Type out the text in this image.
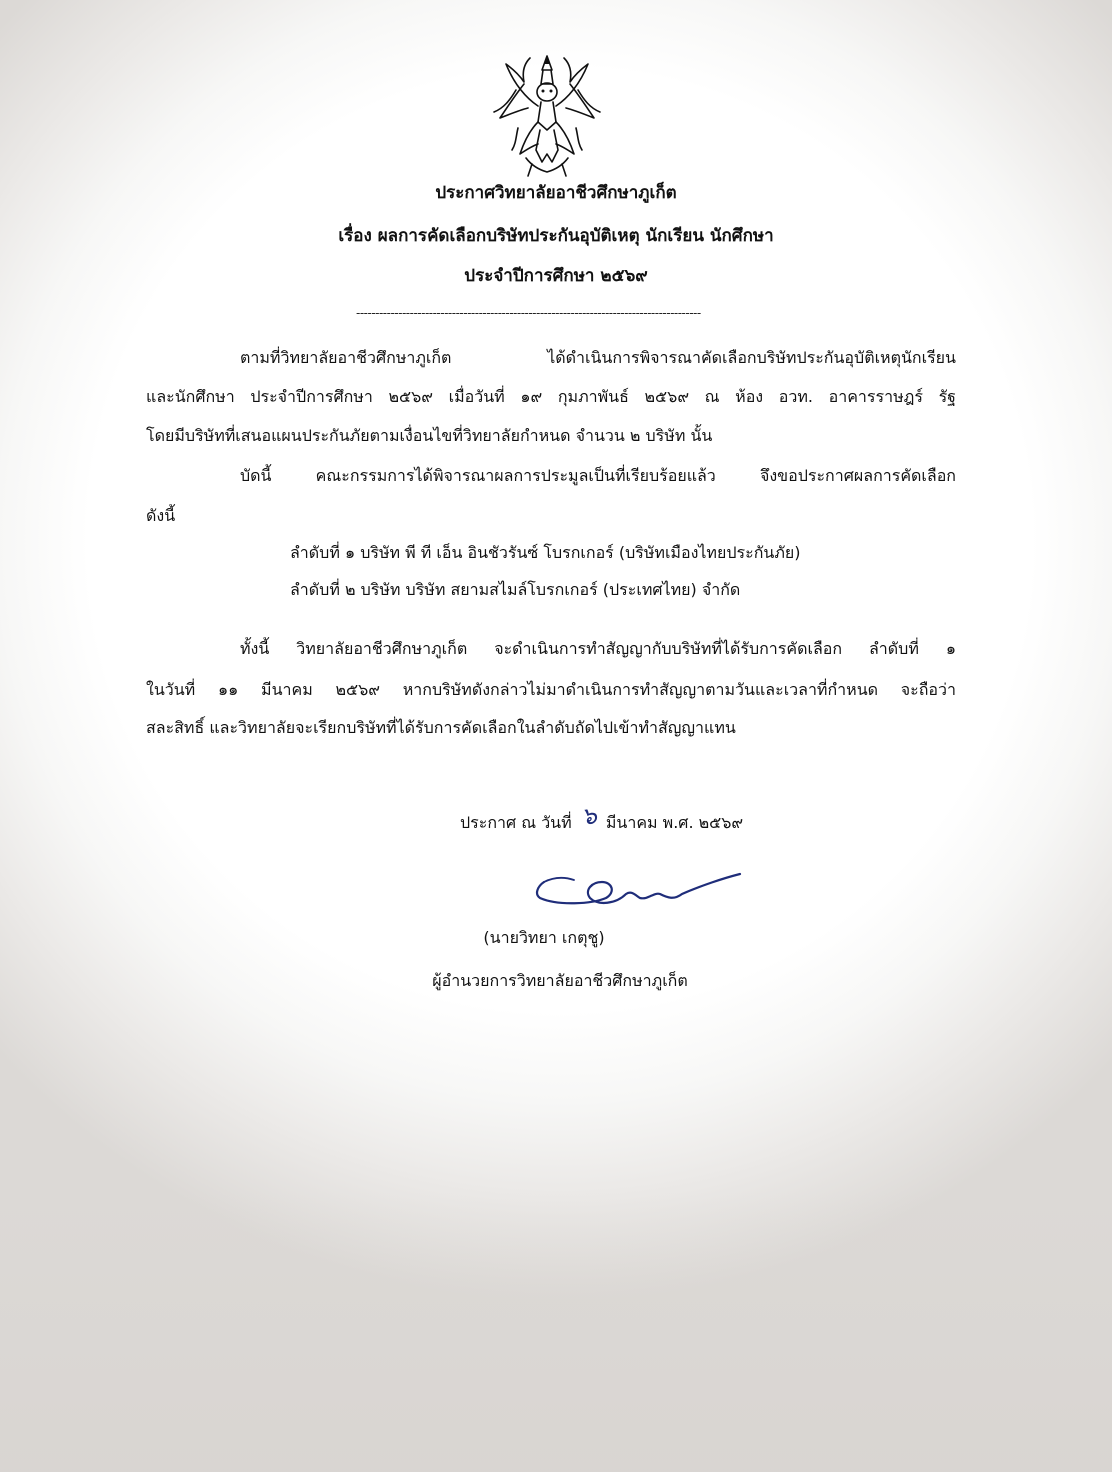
ประกาศวิทยาลัยอาชีวศึกษาภูเก็ต
เรื่อง ผลการคัดเลือกบริษัทประกันอุบัติเหตุ นักเรียน นักศึกษา
ประจำปีการศึกษา ๒๕๖๙
------------------------------------------------------------------------------------------
ตามที่วิทยาลัยอาชีวศึกษาภูเก็ต ได้ดำเนินการพิจารณาคัดเลือกบริษัทประกันอุบัติเหตุนักเรียน
และนักศึกษา ประจำปีการศึกษา ๒๕๖๙ เมื่อวันที่ ๑๙ กุมภาพันธ์ ๒๕๖๙ ณ ห้อง อวท. อาคารราษฎร์ รัฐ
โดยมีบริษัทที่เสนอแผนประกันภัยตามเงื่อนไขที่วิทยาลัยกำหนด จำนวน ๒ บริษัท นั้น
บัดนี้ คณะกรรมการได้พิจารณาผลการประมูลเป็นที่เรียบร้อยแล้ว จึงขอประกาศผลการคัดเลือก
ดังนี้
ลำดับที่ ๑ บริษัท พี ที เอ็น อินชัวรันซ์ โบรกเกอร์ (บริษัทเมืองไทยประกันภัย)
ลำดับที่ ๒ บริษัท บริษัท สยามสไมล์โบรกเกอร์ (ประเทศไทย) จำกัด
ทั้งนี้ วิทยาลัยอาชีวศึกษาภูเก็ต จะดำเนินการทำสัญญากับบริษัทที่ได้รับการคัดเลือก ลำดับที่ ๑
ในวันที่ ๑๑ มีนาคม ๒๕๖๙ หากบริษัทดังกล่าวไม่มาดำเนินการทำสัญญาตามวันและเวลาที่กำหนด จะถือว่า
สละสิทธิ์ และวิทยาลัยจะเรียกบริษัทที่ได้รับการคัดเลือกในลำดับถัดไปเข้าทำสัญญาแทน
ประกาศ ณ วันที่ ๖ มีนาคม พ.ศ. ๒๕๖๙
(นายวิทยา เกตุชู)
ผู้อำนวยการวิทยาลัยอาชีวศึกษาภูเก็ต
